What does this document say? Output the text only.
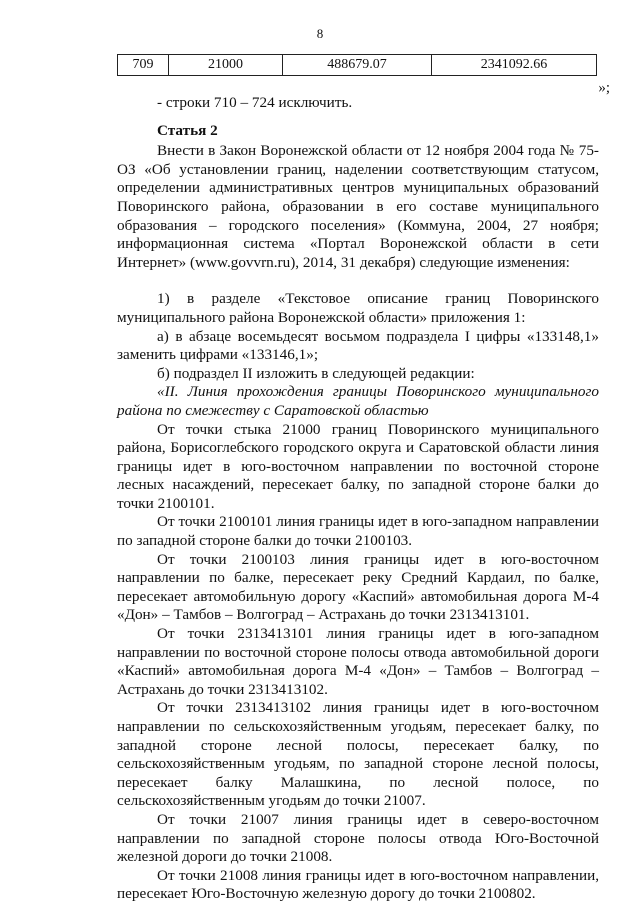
8
709	21000	488679.07	2341092.66
»;

- строки 710 – 724 исключить.

Статья 2

Внести в Закон Воронежской области от 12 ноября 2004 года № 75-ОЗ «Об установлении границ, наделении соответствующим статусом, определении административных центров муниципальных образований Поворинского района, образовании в его составе муниципального образования – городского поселения» (Коммуна, 2004, 27 ноября; информационная система «Портал Воронежской области в сети Интернет» (www.govvrn.ru), 2014, 31 декабря) следующие изменения:

1) в разделе «Текстовое описание границ Поворинского муниципального района Воронежской области» приложения 1:

а) в абзаце восемьдесят восьмом подраздела I цифры «133148,1» заменить цифрами «133146,1»;

б) подраздел II изложить в следующей редакции:

«II. Линия прохождения границы Поворинского муниципального района по смежеству с Саратовской областью

От точки стыка 21000 границ Поворинского муниципального района, Борисоглебского городского округа и Саратовской области линия границы идет в юго-восточном направлении по восточной стороне лесных насаждений, пересекает балку, по западной стороне балки до точки 2100101.

От точки 2100101 линия границы идет в юго-западном направлении по западной стороне балки до точки 2100103.

От точки 2100103 линия границы идет в юго-восточном направлении по балке, пересекает реку Средний Кардаил, по балке, пересекает автомобильную дорогу «Каспий» автомобильная дорога М-4 «Дон» – Тамбов – Волгоград – Астрахань до точки 2313413101.

От точки 2313413101 линия границы идет в юго-западном направлении по восточной стороне полосы отвода автомобильной дороги «Каспий» автомобильная дорога М-4 «Дон» – Тамбов – Волгоград – Астрахань до точки 2313413102.

От точки 2313413102 линия границы идет в юго-восточном направлении по сельскохозяйственным угодьям, пересекает балку, по западной стороне лесной полосы, пересекает балку, по сельскохозяйственным угодьям, по западной стороне лесной полосы, пересекает балку Малашкина, по лесной полосе, по сельскохозяйственным угодьям до точки 21007.

От точки 21007 линия границы идет в северо-восточном направлении по западной стороне полосы отвода Юго-Восточной железной дороги до точки 21008.

От точки 21008 линия границы идет в юго-восточном направлении, пересекает Юго-Восточную железную дорогу до точки 2100802.
